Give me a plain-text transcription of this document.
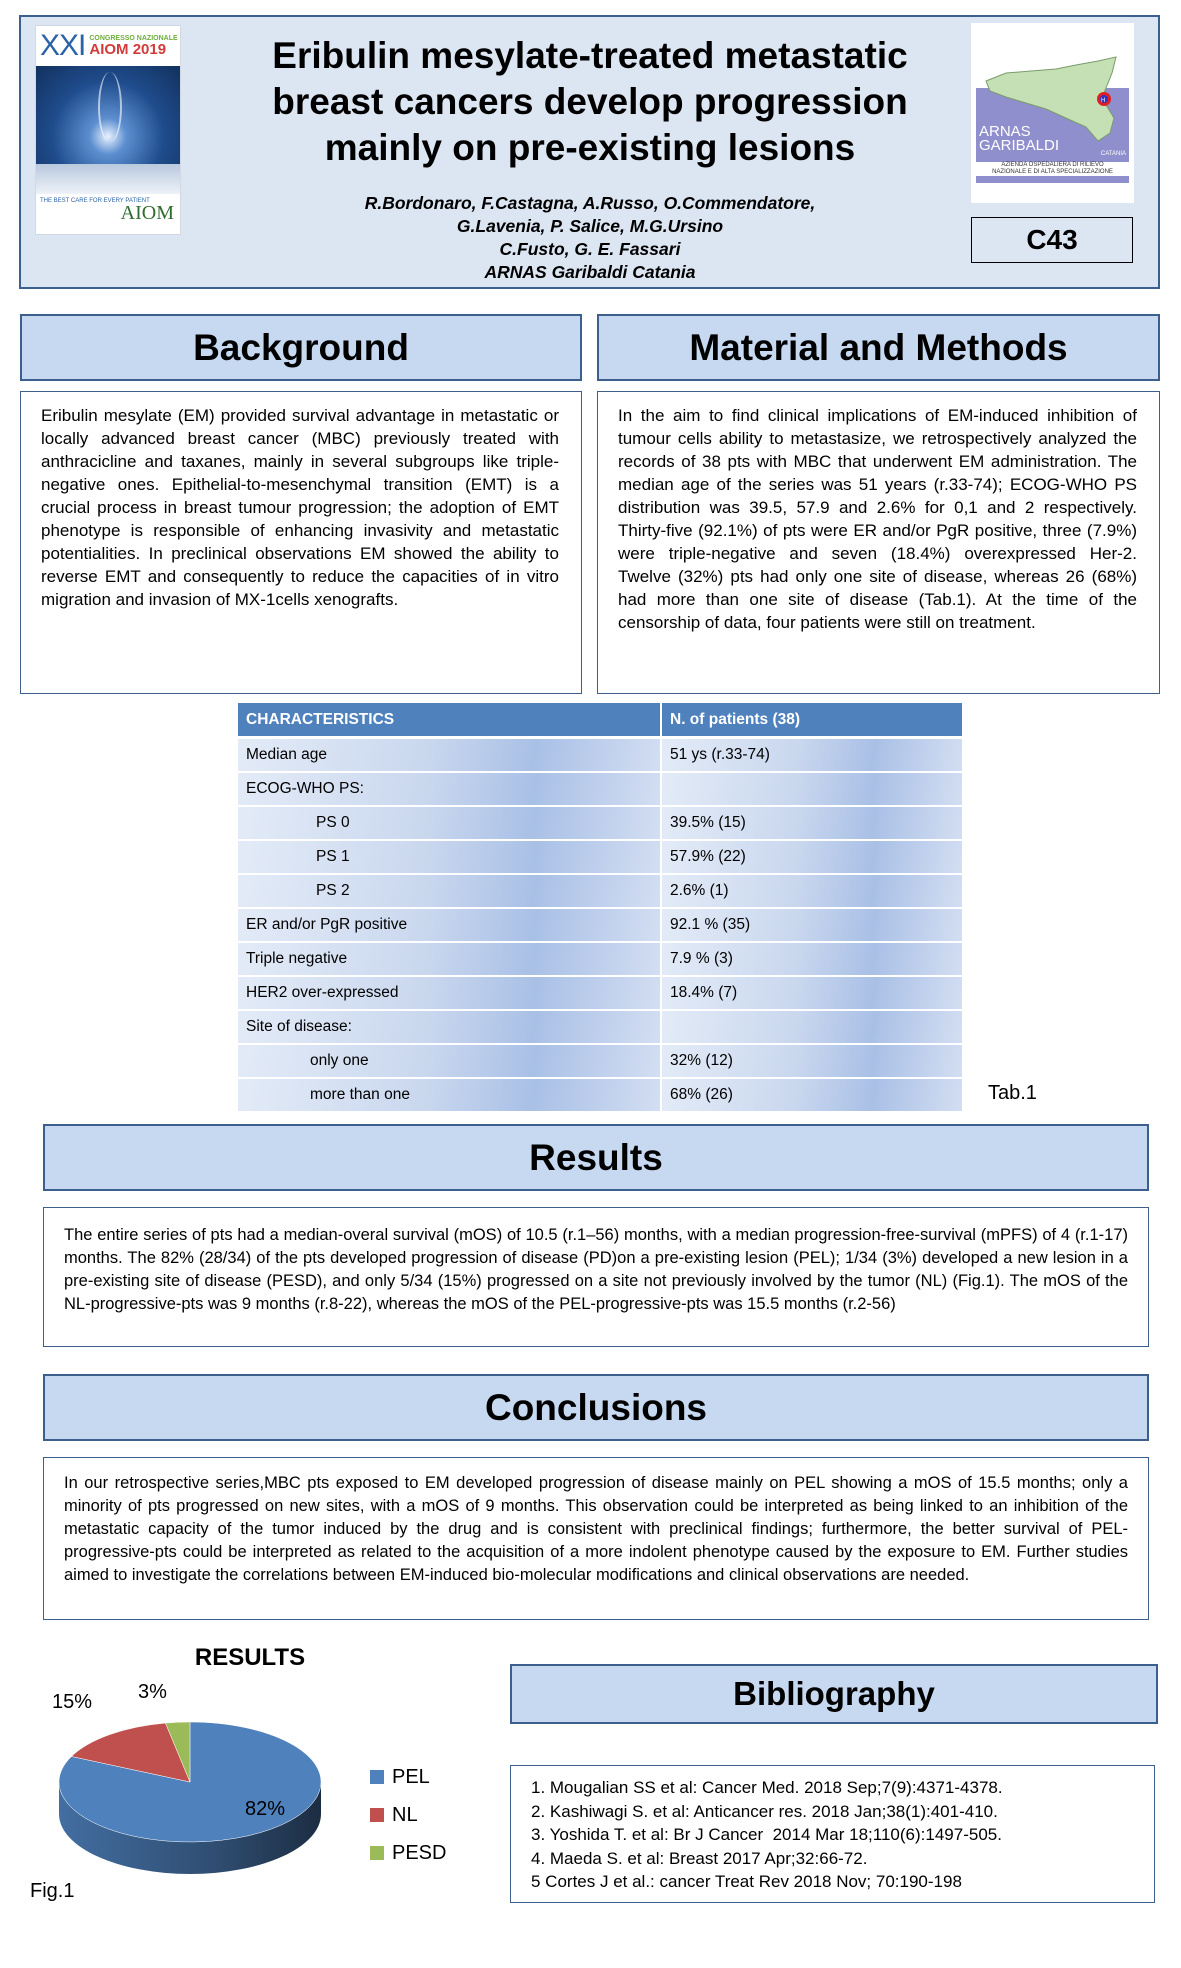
XXI CONGRESSO NAZIONALE
AIOM 2019
THE BEST CARE FOR EVERY PATIENT
AIOM
Eribulin mesylate-treated metastatic
breast cancers develop progression
mainly on pre-existing lesions
R.Bordonaro, F.Castagna, A.Russo, O.Commendatore,
G.Lavenia, P. Salice, M.G.Ursino
C.Fusto, G. E. Fassari
ARNAS Garibaldi Catania
H
ARNAS
GARIBALDI	CATANIA
AZIENDA OSPEDALIERA DI RILIEVO
NAZIONALE E DI ALTA SPECIALIZZAZIONE
C43
Background	Material and Methods
Eribulin mesylate (EM) provided survival advantage in metastatic or locally advanced breast cancer (MBC) previously treated with anthracicline and taxanes, mainly in several subgroups like triple-negative ones. Epithelial-to-mesenchymal transition (EMT) is a crucial process in breast tumour progression; the adoption of EMT phenotype is responsible of enhancing invasivity and metastatic potentialities. In preclinical observations EM showed the ability to reverse EMT and consequently to reduce the capacities of in vitro migration and invasion of MX-1cells xenografts.
In the aim to find clinical implications of EM-induced inhibition of tumour cells ability to metastasize, we retrospectively analyzed the records of 38 pts with MBC that underwent EM administration. The median age of the series was 51 years (r.33-74); ECOG-WHO PS distribution was 39.5, 57.9 and 2.6% for 0,1 and 2 respectively. Thirty-five (92.1%) of pts were ER and/or PgR positive, three (7.9%) were triple-negative and seven (18.4%) overexpressed Her-2. Twelve (32%) pts had only one site of disease, whereas 26 (68%) had more than one site of disease (Tab.1). At the time of the censorship of data, four patients were still on treatment.
CHARACTERISTICS	N. of patients (38)
Median age	51 ys (r.33-74)
ECOG-WHO PS:	
PS 0	39.5% (15)
PS 1	57.9% (22)
PS 2	2.6% (1)
ER and/or PgR positive	92.1 % (35)
Triple negative	7.9 % (3)
HER2 over-expressed	18.4% (7)
Site of disease:	
only one	32% (12)
more than one	68% (26)	Tab.1
Results
The entire series of pts had a median-overal survival (mOS) of 10.5 (r.1–56) months, with a median progression-free-survival (mPFS) of 4 (r.1-17) months. The 82% (28/34) of the pts developed progression of disease (PD)on a pre-existing lesion (PEL); 1/34 (3%) developed a new lesion in a pre-existing site of disease (PESD), and only 5/34 (15%) progressed on a site not previously involved by the tumor (NL) (Fig.1). The mOS of the NL-progressive-pts was 9 months (r.8-22), whereas the mOS of the PEL-progressive-pts was 15.5 months (r.2-56)
Conclusions
In our retrospective series,MBC pts exposed to EM developed progression of disease mainly on PEL showing a mOS of 15.5 months; only a minority of pts progressed on new sites, with a mOS of 9 months. This observation could be interpreted as being linked to an inhibition of the metastatic capacity of the tumor induced by the drug and is consistent with preclinical findings; furthermore, the better survival of PEL-progressive-pts could be interpreted as related to the acquisition of a more indolent phenotype caused by the exposure to EM. Further studies aimed to investigate the correlations between EM-induced bio-molecular modifications and clinical observations are needed.
RESULTS
82%
15% 3%
PEL
NL
PESD
Fig.1
Bibliography
1. Mougalian SS et al: Cancer Med. 2018 Sep;7(9):4371-4378.
2. Kashiwagi S. et al: Anticancer res. 2018 Jan;38(1):401-410.
3. Yoshida T. et al: Br J Cancer  2014 Mar 18;110(6):1497-505.
4. Maeda S. et al: Breast 2017 Apr;32:66-72.
5 Cortes J et al.: cancer Treat Rev 2018 Nov; 70:190-198
